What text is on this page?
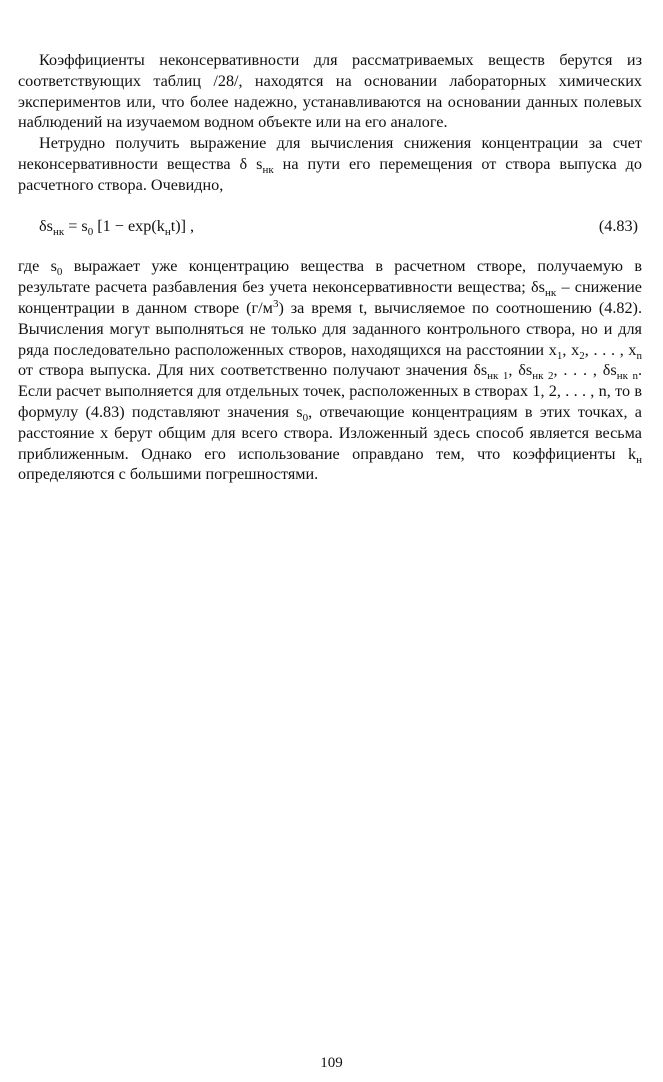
Коэффициенты неконсервативности для рассматриваемых веществ берутся из соответствующих таблиц /28/, находятся на основании лабораторных химических экспериментов или, что более надежно, устанавливаются на основании данных полевых наблюдений на изучаемом водном объекте или на его аналоге.

Нетрудно получить выражение для вычисления снижения концентрации за счет неконсервативности вещества δ $s_{нк}$ на пути его перемещения от створа выпуска до расчетного створа. Очевидно,

$\delta s_{нк} = s_0$ $[1 - \exp(k_нt)]$ ,	(4.83)

где $s_0$ выражает уже концентрацию вещества в расчетном створе, получаемую в результате расчета разбавления без учета неконсервативности вещества; $\delta s_{нк}$ – снижение концентрации в данном створе $(г/м^3)$ за время t, вычисляемое по соотношению (4.82). Вычисления могут выполняться не только для заданного контрольного створа, но и для ряда последовательно расположенных створов, находящихся на расстоянии $x_1$, $x_2$, . . . , $x_n$ от створа выпуска. Для них соответственно получают значения $\delta s_{нк 1}$, $\delta s_{нк 2}$, . . . , $\delta s_{нк n}$. Если расчет выполняется для отдельных точек, расположенных в створах 1, 2, . . . , n, то в формулу (4.83) подставляют значения $s_0$, отвечающие концентрациям в этих точках, а расстояние x берут общим для всего створа. Изложенный здесь способ является весьма приближенным. Однако его использование оправдано тем, что коэффициенты $k_н$ определяются с большими погрешностями.

109
